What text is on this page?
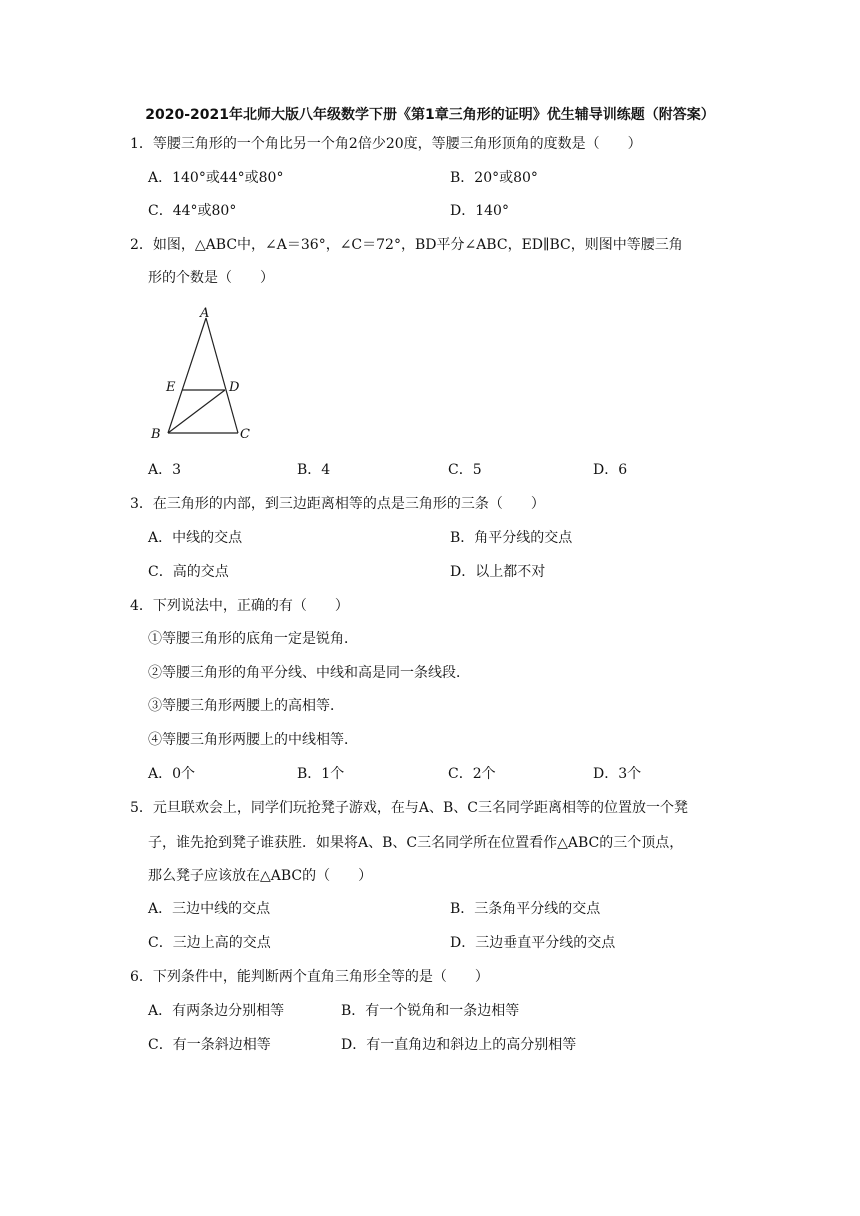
2020-2021年北师大版八年级数学下册《第1章三角形的证明》优生辅导训练题（附答案）
1．等腰三角形的一个角比另一个角2倍少20度，等腰三角形顶角的度数是（　　）
A．140°或44°或80°	B．20°或80°
C．44°或80°	D．140°
2．如图，△ABC中，∠A＝36°，∠C＝72°，BD平分∠ABC，ED∥BC，则图中等腰三角
形的个数是（　　）
A
E	D
B	C
A．3	B．4	C．5	D．6
3．在三角形的内部，到三边距离相等的点是三角形的三条（　　）
A．中线的交点	B．角平分线的交点
C．高的交点	D．以上都不对
4．下列说法中，正确的有（　　）
①等腰三角形的底角一定是锐角．
②等腰三角形的角平分线、中线和高是同一条线段．
③等腰三角形两腰上的高相等．
④等腰三角形两腰上的中线相等．
A．0个	B．1个	C．2个	D．3个
5．元旦联欢会上，同学们玩抢凳子游戏，在与A、B、C三名同学距离相等的位置放一个凳
子，谁先抢到凳子谁获胜．如果将A、B、C三名同学所在位置看作△ABC的三个顶点，
那么凳子应该放在△ABC的（　　）
A．三边中线的交点	B．三条角平分线的交点
C．三边上高的交点	D．三边垂直平分线的交点
6．下列条件中，能判断两个直角三角形全等的是（　　）
A．有两条边分别相等	B．有一个锐角和一条边相等
C．有一条斜边相等	D．有一直角边和斜边上的高分别相等
